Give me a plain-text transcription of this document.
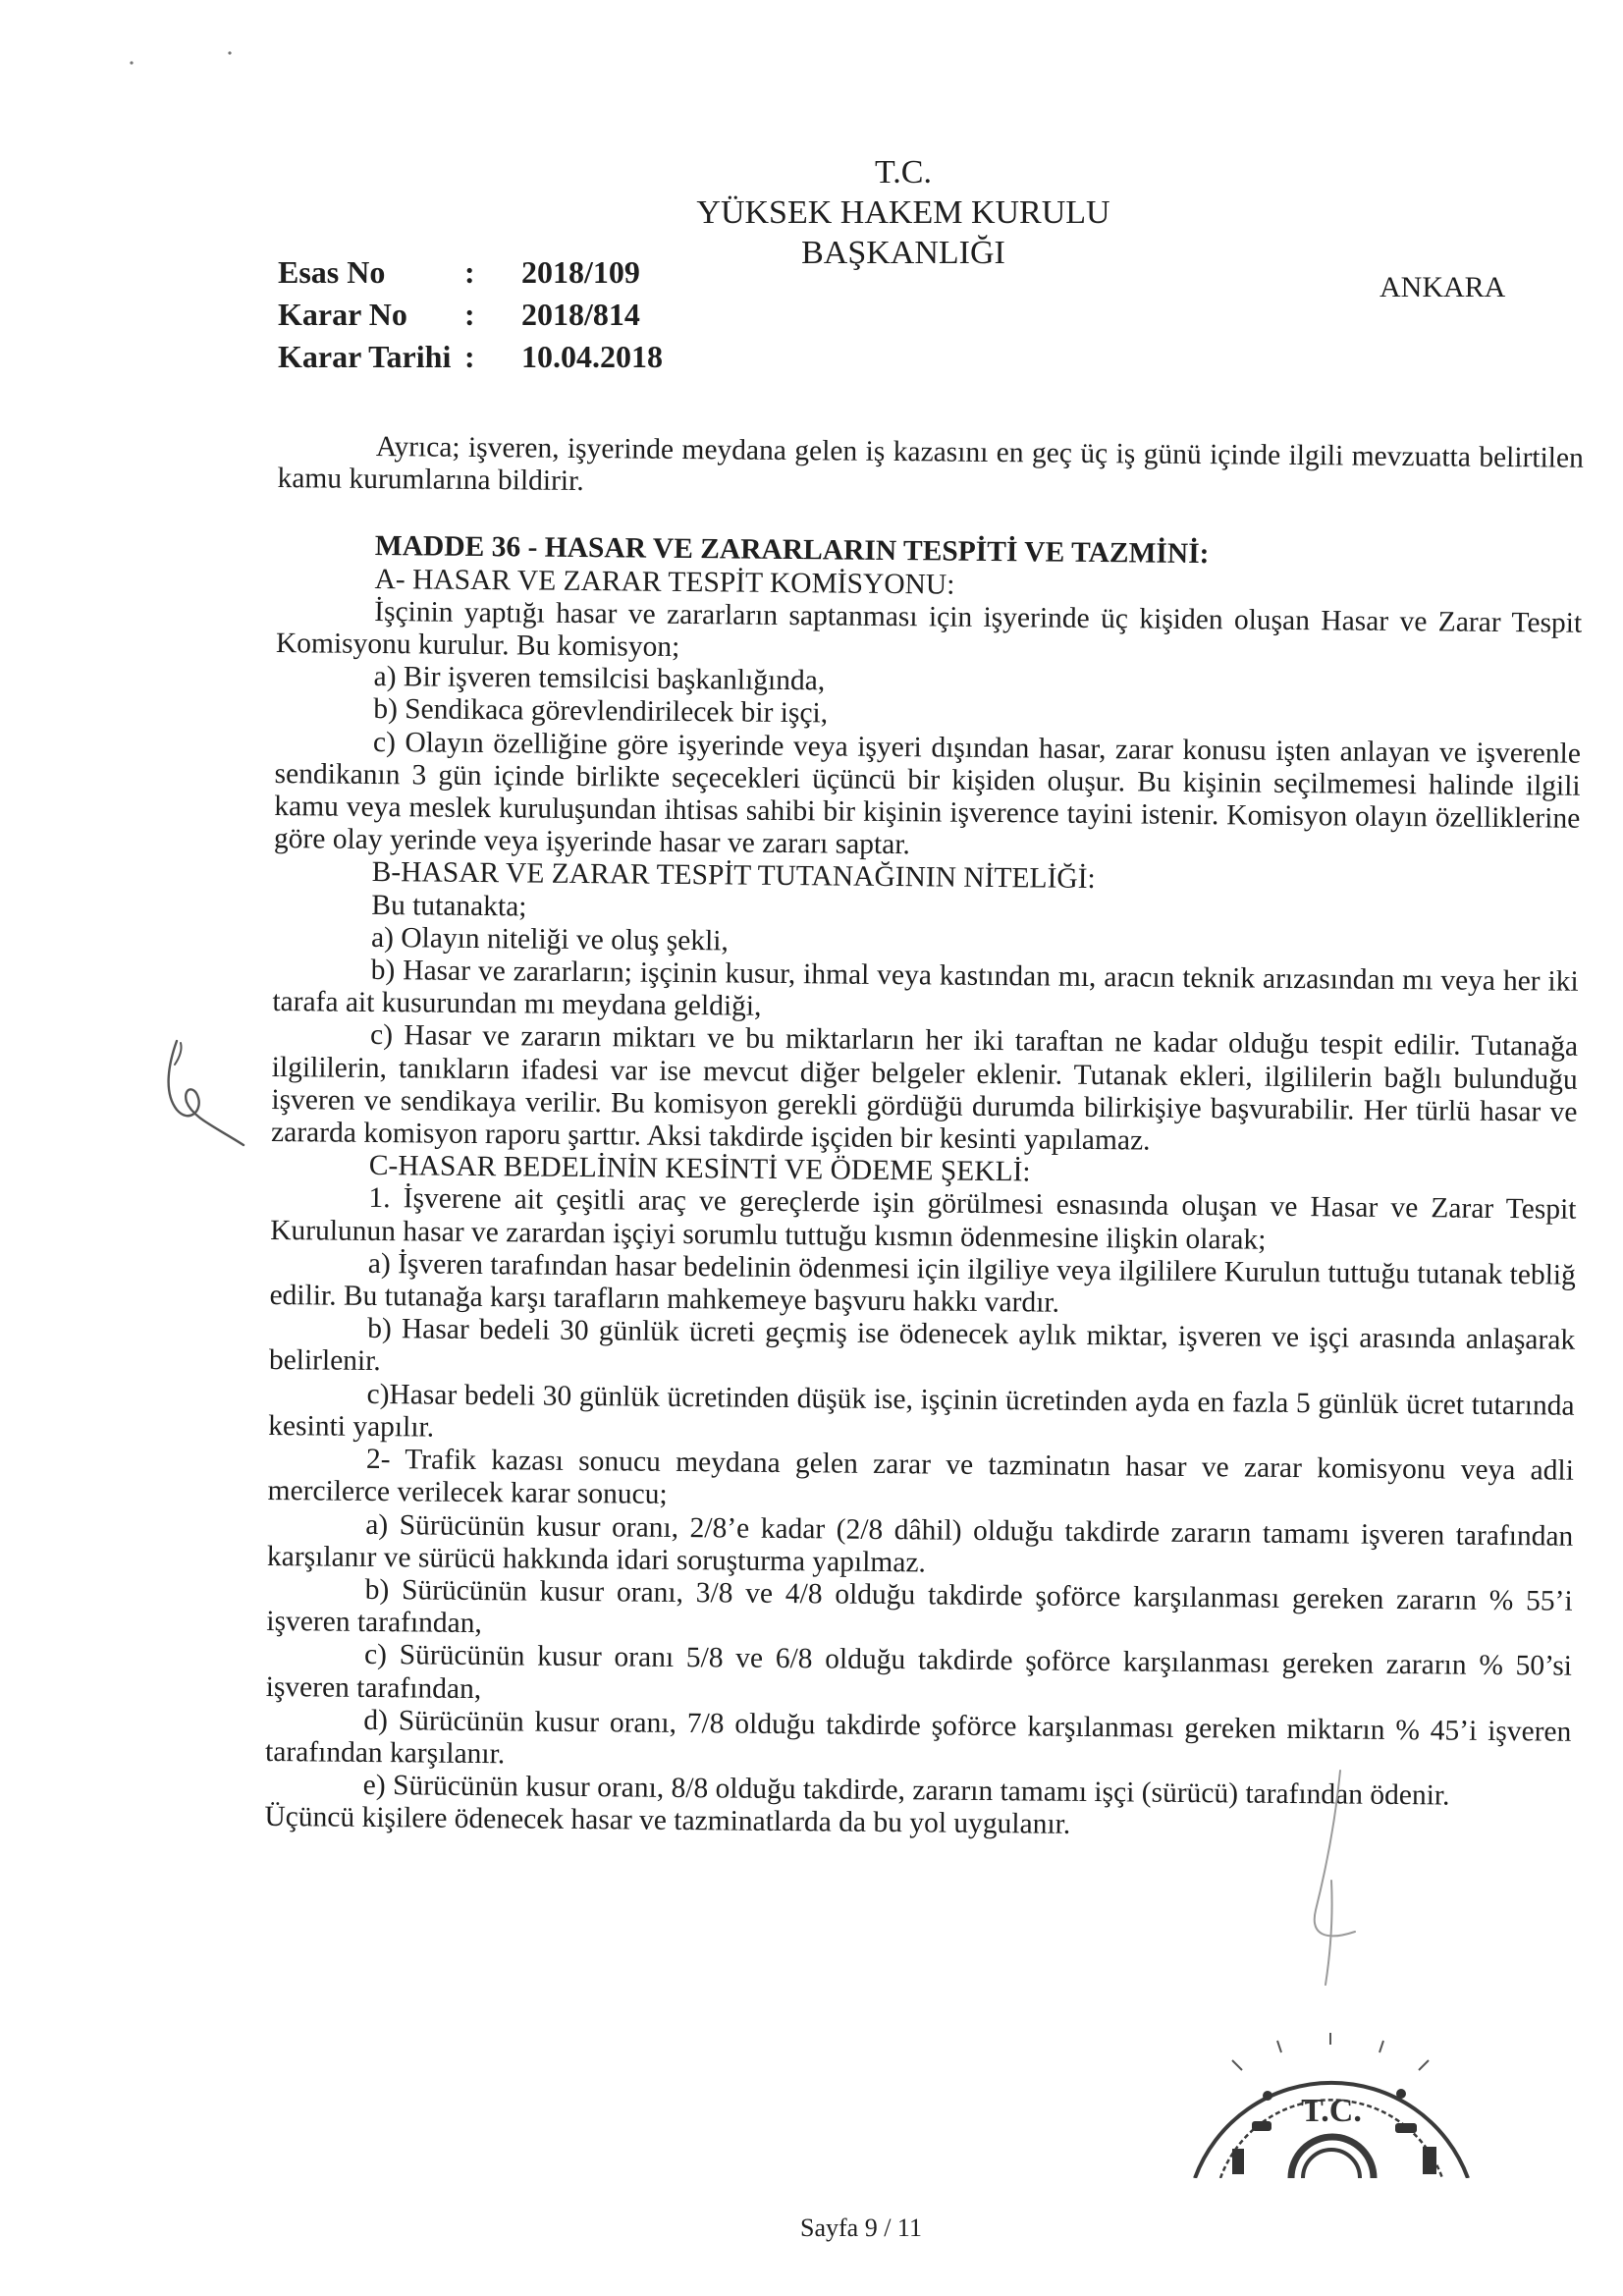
T.C.
YÜKSEK HAKEM KURULU
BAŞKANLIĞI
ANKARA
Esas No	:	2018/109
Karar No	:	2018/814
Karar Tarihi :	10.04.2018

Ayrıca; işveren, işyerinde meydana gelen iş kazasını en geç üç iş günü içinde ilgili mevzuatta belirtilen kamu kurumlarına bildirir.

MADDE 36 - HASAR VE ZARARLARIN TESPİTİ VE TAZMİNİ:

A- HASAR VE ZARAR TESPİT KOMİSYONU:

İşçinin yaptığı hasar ve zararların saptanması için işyerinde üç kişiden oluşan Hasar ve Zarar Tespit Komisyonu kurulur. Bu komisyon;

a) Bir işveren temsilcisi başkanlığında,

b) Sendikaca görevlendirilecek bir işçi,

c) Olayın özelliğine göre işyerinde veya işyeri dışından hasar, zarar konusu işten anlayan ve işverenle sendikanın 3 gün içinde birlikte seçecekleri üçüncü bir kişiden oluşur. Bu kişinin seçilmemesi halinde ilgili kamu veya meslek kuruluşundan ihtisas sahibi bir kişinin işverence tayini istenir. Komisyon olayın özelliklerine göre olay yerinde veya işyerinde hasar ve zararı saptar.

B-HASAR VE ZARAR TESPİT TUTANAĞININ NİTELİĞİ:

Bu tutanakta;

a) Olayın niteliği ve oluş şekli,

b) Hasar ve zararların; işçinin kusur, ihmal veya kastından mı, aracın teknik arızasından mı veya her iki tarafa ait kusurundan mı meydana geldiği,

c) Hasar ve zararın miktarı ve bu miktarların her iki taraftan ne kadar olduğu tespit edilir. Tutanağa ilgililerin, tanıkların ifadesi var ise mevcut diğer belgeler eklenir. Tutanak ekleri, ilgililerin bağlı bulunduğu işveren ve sendikaya verilir. Bu komisyon gerekli gördüğü durumda bilirkişiye başvurabilir. Her türlü hasar ve zararda komisyon raporu şarttır. Aksi takdirde işçiden bir kesinti yapılamaz.

C-HASAR BEDELİNİN KESİNTİ VE ÖDEME ŞEKLİ:

1. İşverene ait çeşitli araç ve gereçlerde işin görülmesi esnasında oluşan ve Hasar ve Zarar Tespit Kurulunun hasar ve zarardan işçiyi sorumlu tuttuğu kısmın ödenmesine ilişkin olarak;

a) İşveren tarafından hasar bedelinin ödenmesi için ilgiliye veya ilgililere Kurulun tuttuğu tutanak tebliğ edilir. Bu tutanağa karşı tarafların mahkemeye başvuru hakkı vardır.

b) Hasar bedeli 30 günlük ücreti geçmiş ise ödenecek aylık miktar, işveren ve işçi arasında anlaşarak belirlenir.

c)Hasar bedeli 30 günlük ücretinden düşük ise, işçinin ücretinden ayda en fazla 5 günlük ücret tutarında kesinti yapılır.

2- Trafik kazası sonucu meydana gelen zarar ve tazminatın hasar ve zarar komisyonu veya adli mercilerce verilecek karar sonucu;

a) Sürücünün kusur oranı, 2/8’e kadar (2/8 dâhil) olduğu takdirde zararın tamamı işveren tarafından karşılanır ve sürücü hakkında idari soruşturma yapılmaz.

b) Sürücünün kusur oranı, 3/8 ve 4/8 olduğu takdirde şoförce karşılanması gereken zararın % 55’i işveren tarafından,

c) Sürücünün kusur oranı 5/8 ve 6/8 olduğu takdirde şoförce karşılanması gereken zararın % 50’si işveren tarafından,

d) Sürücünün kusur oranı, 7/8 olduğu takdirde şoförce karşılanması gereken miktarın % 45’i işveren tarafından karşılanır.

e) Sürücünün kusur oranı, 8/8 olduğu takdirde, zararın tamamı işçi (sürücü) tarafından ödenir.

Üçüncü kişilere ödenecek hasar ve tazminatlarda da bu yol uygulanır.

Sayfa 9 / 11
T.C.
